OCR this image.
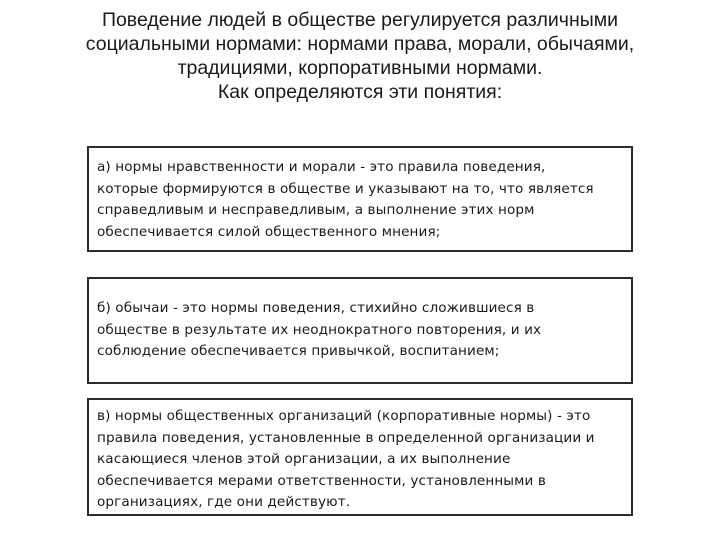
Поведение людей в обществе регулируется различными
социальными нормами: нормами права, морали, обычаями,
традициями, корпоративными нормами.
Как определяются эти понятия:
а) нормы нравственности и морали - это правила поведения,
которые формируются в обществе и указывают на то, что является
справедливым и несправедливым, а выполнение этих норм
обеспечивается силой общественного мнения;
б) обычаи - это нормы поведения, стихийно сложившиеся в
обществе в результате их неоднократного повторения, и их
соблюдение обеспечивается привычкой, воспитанием;
в) нормы общественных организаций (корпоративные нормы) - это
правила поведения, установленные в определенной организации и
касающиеся членов этой организации, а их выполнение
обеспечивается мерами ответственности, установленными в
организациях, где они действуют.
